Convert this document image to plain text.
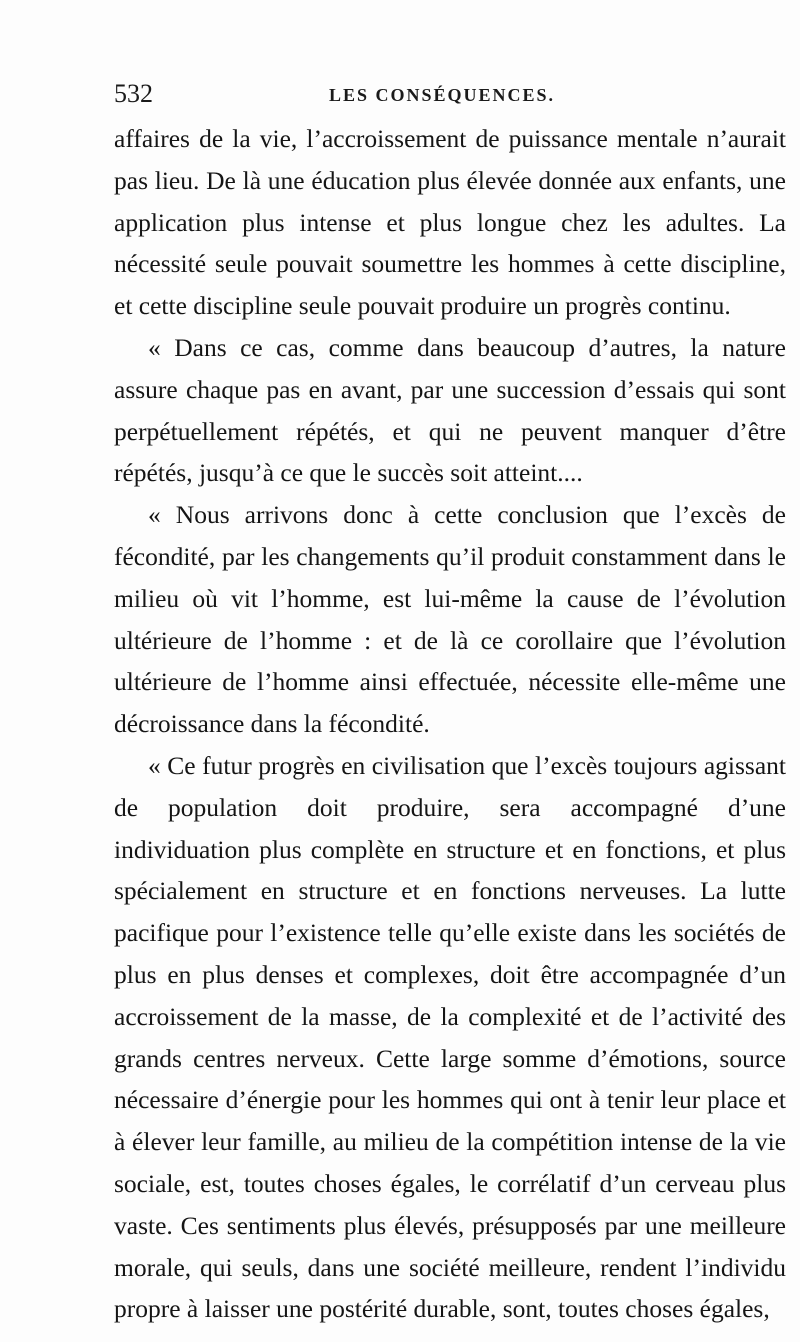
532	LES CONSÉQUENCES.

affaires de la vie, l’accroissement de puissance mentale n’aurait pas lieu. De là une éducation plus élevée donnée aux enfants, une application plus intense et plus longue chez les adultes. La nécessité seule pouvait soumettre les hommes à cette discipline, et cette discipline seule pouvait produire un progrès continu.

« Dans ce cas, comme dans beaucoup d’autres, la nature assure chaque pas en avant, par une succession d’essais qui sont perpétuellement répétés, et qui ne peuvent manquer d’être répétés, jusqu’à ce que le succès soit atteint....

« Nous arrivons donc à cette conclusion que l’excès de fécondité, par les changements qu’il produit constamment dans le milieu où vit l’homme, est lui-même la cause de l’évolution ultérieure de l’homme : et de là ce corollaire que l’évolution ultérieure de l’homme ainsi effectuée, nécessite elle-même une décroissance dans la fécondité.

« Ce futur progrès en civilisation que l’excès toujours agissant de population doit produire, sera accompagné d’une individuation plus complète en structure et en fonctions, et plus spécialement en structure et en fonctions nerveuses. La lutte pacifique pour l’existence telle qu’elle existe dans les sociétés de plus en plus denses et complexes, doit être accompagnée d’un accroissement de la masse, de la complexité et de l’activité des grands centres nerveux. Cette large somme d’émotions, source nécessaire d’énergie pour les hommes qui ont à tenir leur place et à élever leur famille, au milieu de la compétition intense de la vie sociale, est, toutes choses égales, le corrélatif d’un cerveau plus vaste. Ces sentiments plus élevés, présupposés par une meilleure morale, qui seuls, dans une société meilleure, rendent l’individu propre à laisser une postérité durable, sont, toutes choses égales,
